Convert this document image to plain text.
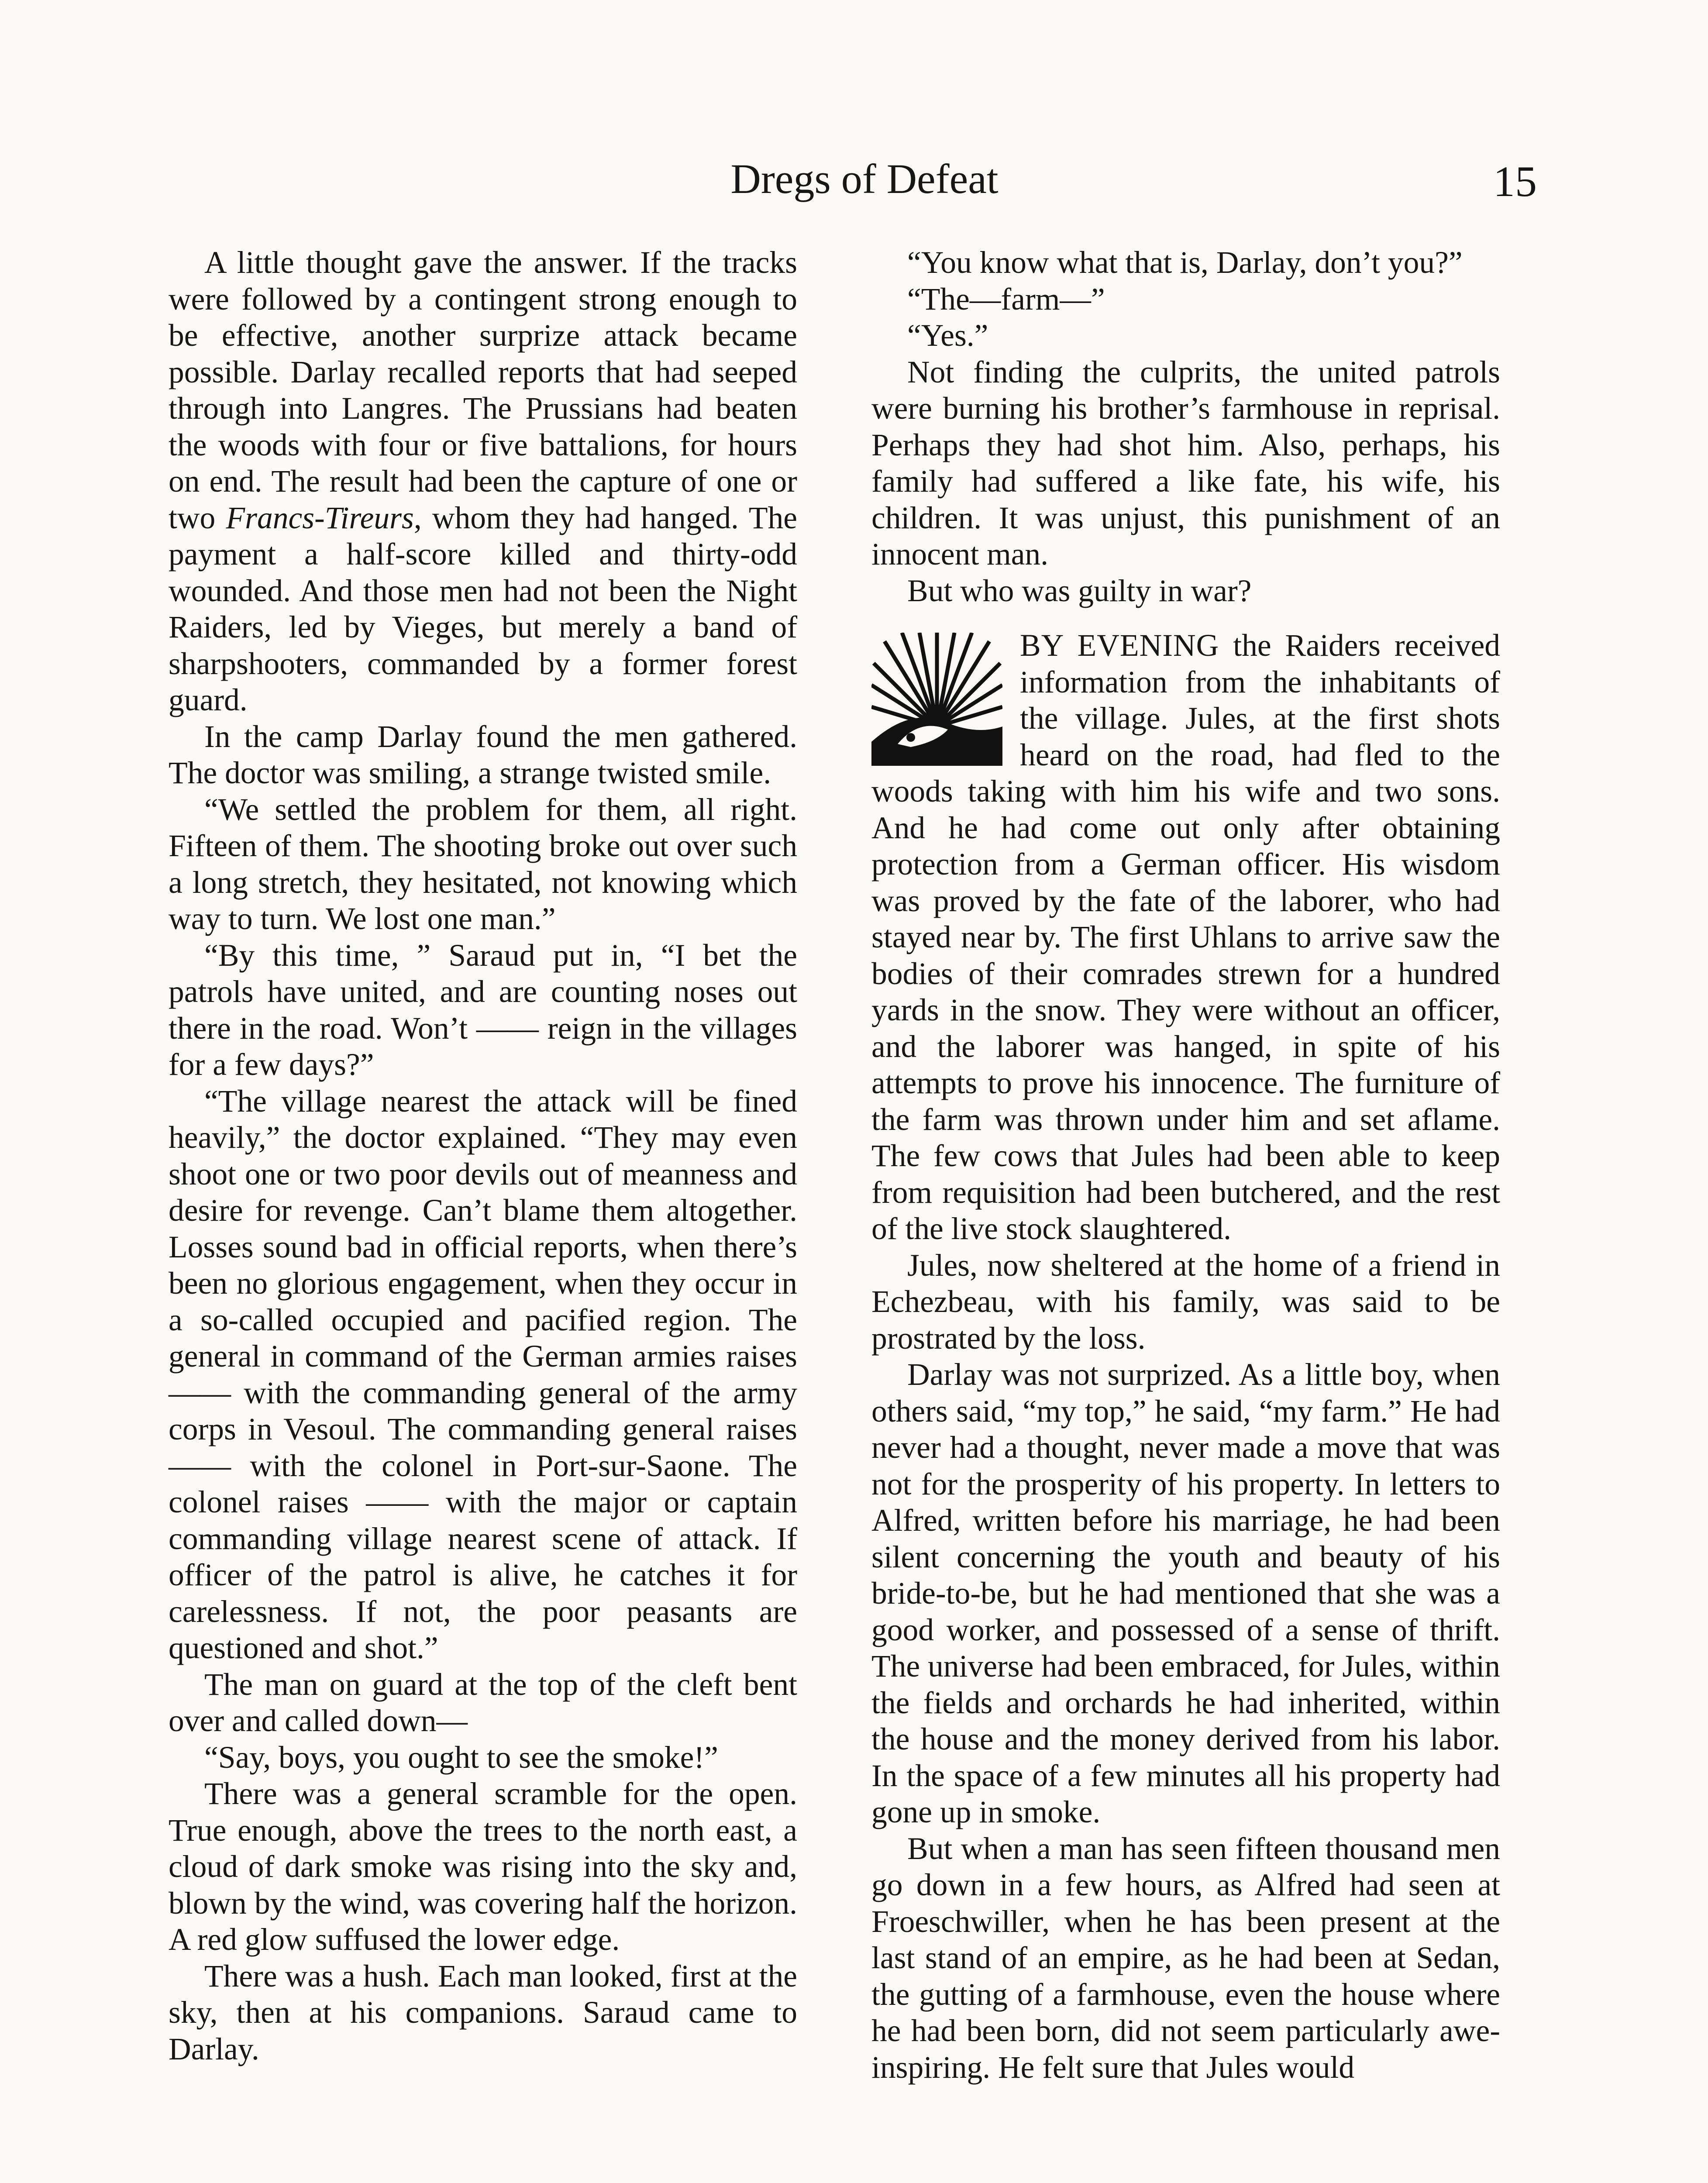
Dregs of Defeat	15

A little thought gave the answer. If the tracks were followed by a contingent strong enough to be effective, another surprize attack became possible. Darlay recalled reports that had seeped through into Langres. The Prussians had beaten the woods with four or five battalions, for hours on end. The result had been the capture of one or two Francs-Tireurs, whom they had hanged. The payment a half-score killed and thirty-odd wounded. And those men had not been the Night Raiders, led by Vieges, but merely a band of sharpshooters, commanded by a former forest guard.

In the camp Darlay found the men gathered. The doctor was smiling, a strange twisted smile.

“We settled the problem for them, all right. Fifteen of them. The shooting broke out over such a long stretch, they hesitated, not knowing which way to turn. We lost one man.”

“By this time, ” Saraud put in, “I bet the patrols have united, and are counting noses out there in the road. Won’t —— reign in the villages for a few days?”

“The village nearest the attack will be fined heavily,” the doctor explained. “They may even shoot one or two poor devils out of meanness and desire for revenge. Can’t blame them altogether. Losses sound bad in official reports, when there’s been no glorious engagement, when they occur in a so-called occupied and pacified region. The general in command of the German armies raises —— with the commanding general of the army corps in Vesoul. The commanding general raises —— with the colonel in Port-sur-Saone. The colonel raises —— with the major or captain commanding village nearest scene of attack. If officer of the patrol is alive, he catches it for carelessness. If not, the poor peasants are questioned and shot.”

The man on guard at the top of the cleft bent over and called down—

“Say, boys, you ought to see the smoke!”

There was a general scramble for the open. True enough, above the trees to the north east, a cloud of dark smoke was rising into the sky and, blown by the wind, was covering half the horizon. A red glow suffused the lower edge.

There was a hush. Each man looked, first at the sky, then at his companions. Saraud came to Darlay.

“You know what that is, Darlay, don’t you?”

“The—farm—”

“Yes.”

Not finding the culprits, the united patrols were burning his brother’s farmhouse in reprisal. Perhaps they had shot him. Also, perhaps, his family had suffered a like fate, his wife, his children. It was unjust, this punishment of an innocent man.

But who was guilty in war?

BY EVENING the Raiders received information from the inhabitants of the village. Jules, at the first shots heard on the road, had fled to the woods taking with him his wife and two sons. And he had come out only after obtaining protection from a German officer. His wisdom was proved by the fate of the laborer, who had stayed near by. The first Uhlans to arrive saw the bodies of their comrades strewn for a hundred yards in the snow. They were without an officer, and the laborer was hanged, in spite of his attempts to prove his innocence. The furniture of the farm was thrown under him and set aflame. The few cows that Jules had been able to keep from requisition had been butchered, and the rest of the live stock slaughtered.

Jules, now sheltered at the home of a friend in Echezbeau, with his family, was said to be prostrated by the loss.

Darlay was not surprized. As a little boy, when others said, “my top,” he said, “my farm.” He had never had a thought, never made a move that was not for the prosperity of his property. In letters to Alfred, written before his marriage, he had been silent concerning the youth and beauty of his bride-to-be, but he had mentioned that she was a good worker, and possessed of a sense of thrift. The universe had been embraced, for Jules, within the fields and orchards he had inherited, within the house and the money derived from his labor. In the space of a few minutes all his property had gone up in smoke.

But when a man has seen fifteen thousand men go down in a few hours, as Alfred had seen at Froeschwiller, when he has been present at the last stand of an empire, as he had been at Sedan, the gutting of a farmhouse, even the house where he had been born, did not seem particularly awe-inspiring. He felt sure that Jules would
